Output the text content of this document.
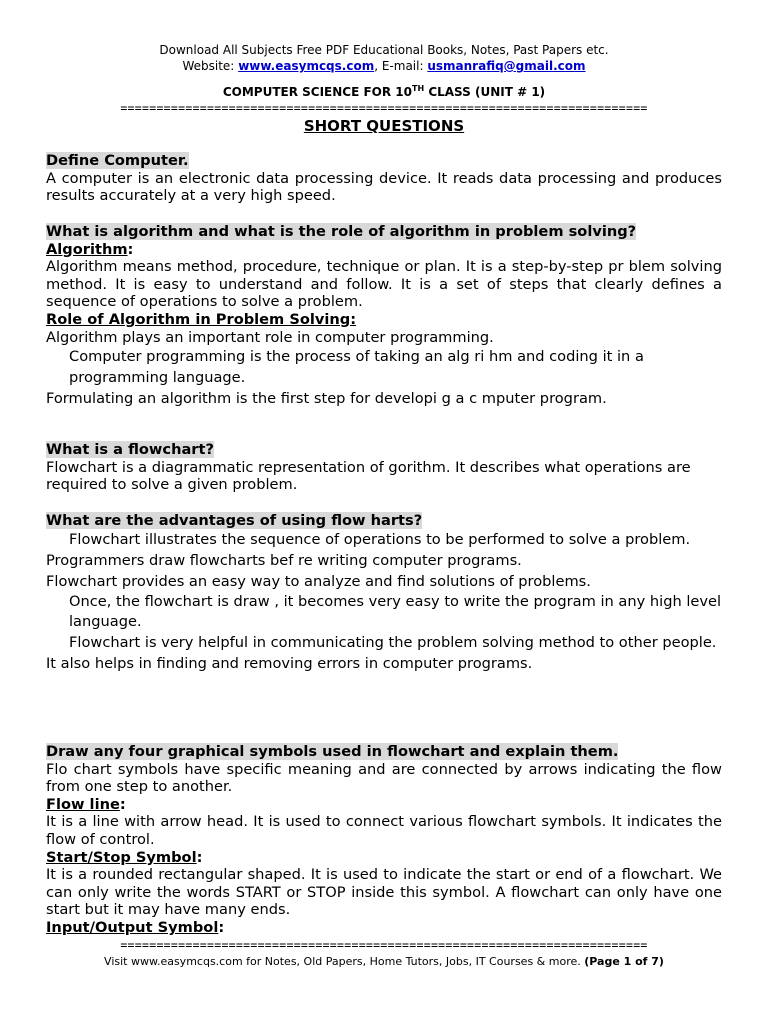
Download All Subjects Free PDF Educational Books, Notes, Past Papers etc.
Website: www.easymcqs.com, E-mail: usmanrafiq@gmail.com
COMPUTER SCIENCE FOR 10TH CLASS (UNIT # 1)
=========================================================================
SHORT QUESTIONS
Define Computer.
A computer is an electronic data processing device. It reads data processing and produces results accurately at a very high speed.
What is algorithm and what is the role of algorithm in problem solving?
Algorithm:
Algorithm means method, procedure, technique or plan. It is a step-by-step pr blem solving method. It is easy to understand and follow. It is a set of steps that clearly defines a sequence of operations to solve a problem.
Role of Algorithm in Problem Solving:
Algorithm plays an important role in computer programming.
Computer programming is the process of taking an alg ri hm and coding it in a programming language.
Formulating an algorithm is the first step for developi g a c mputer program.
What is a flowchart?
Flowchart is a diagrammatic representation of gorithm. It describes what operations are required to solve a given problem.
What are the advantages of using flow harts?
Flowchart illustrates the sequence of operations to be performed to solve a problem.
Programmers draw flowcharts bef re writing computer programs.
Flowchart provides an easy way to analyze and find solutions of problems.
Once, the flowchart is draw , it becomes very easy to write the program in any high level language.
Flowchart is very helpful in communicating the problem solving method to other people.
It also helps in finding and removing errors in computer programs.
Draw any four graphical symbols used in flowchart and explain them.
Flo chart symbols have specific meaning and are connected by arrows indicating the flow from one step to another.
Flow line:
It is a line with arrow head. It is used to connect various flowchart symbols. It indicates the flow of control.
Start/Stop Symbol:
It is a rounded rectangular shaped. It is used to indicate the start or end of a flowchart. We can only write the words START or STOP inside this symbol. A flowchart can only have one start but it may have many ends.
Input/Output Symbol:
=========================================================================
Visit www.easymcqs.com for Notes, Old Papers, Home Tutors, Jobs, IT Courses & more. (Page 1 of 7)
